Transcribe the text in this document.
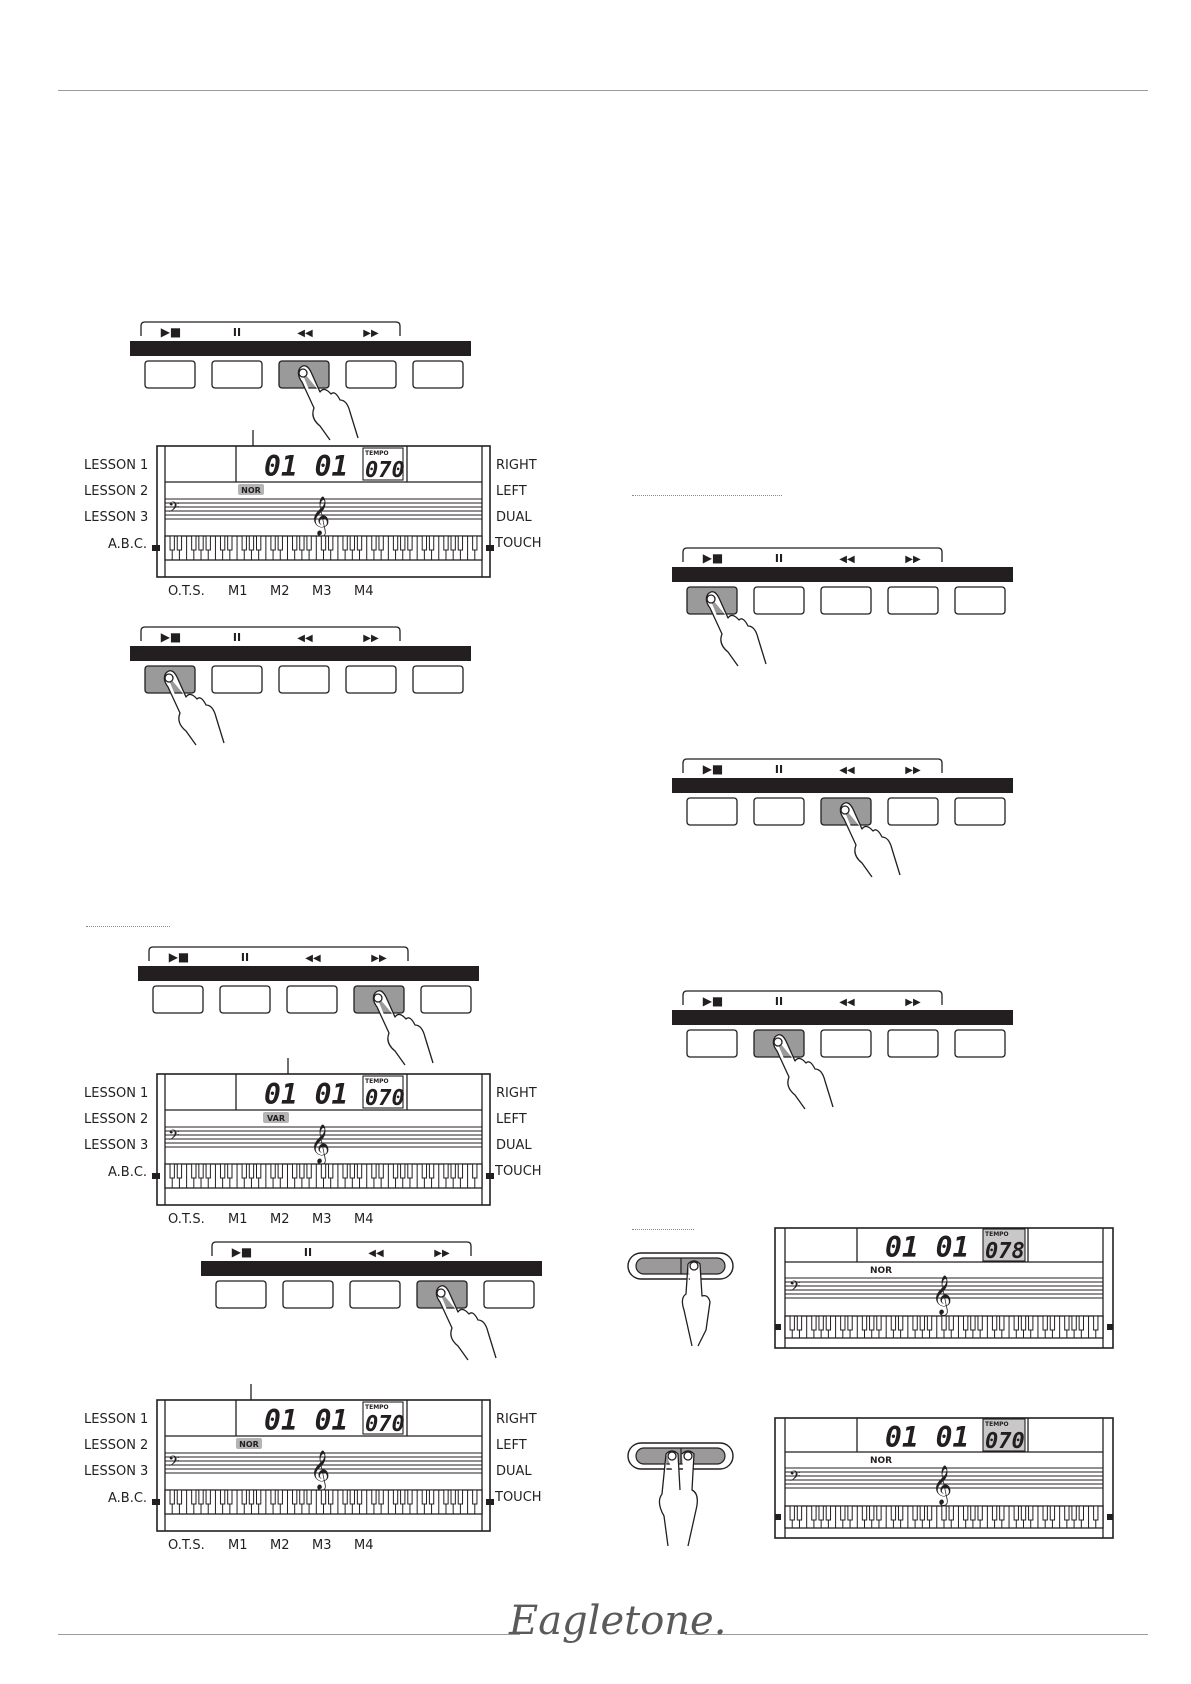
▶■	II	◀◀	▶▶
LESSON 1
LESSON 2
LESSON 3
A.B.C.
RIGHT
LEFT
DUAL
TOUCH
01 01	TEMPO
070
NOR
𝄢	𝄞
O.T.S. M1 M2 M3 M4
▶■	II	◀◀	▶▶
▶■	II	◀◀	▶▶
LESSON 1
LESSON 2
LESSON 3
A.B.C.
RIGHT
LEFT
DUAL
TOUCH
01 01	TEMPO
070
VAR
𝄢	𝄞
O.T.S. M1 M2 M3 M4
▶■	II	◀◀	▶▶
LESSON 1
LESSON 2
LESSON 3
A.B.C.
RIGHT
LEFT
DUAL
TOUCH
01 01	TEMPO
070
NOR
𝄢	𝄞
O.T.S. M1 M2 M3 M4
▶■	II	◀◀	▶▶
▶■	II	◀◀	▶▶
▶■	II	◀◀	▶▶
01 01	TEMPO
078
NOR
𝄢	𝄞
01 01	TEMPO
070
NOR
𝄢	𝄞
Eagletone.
